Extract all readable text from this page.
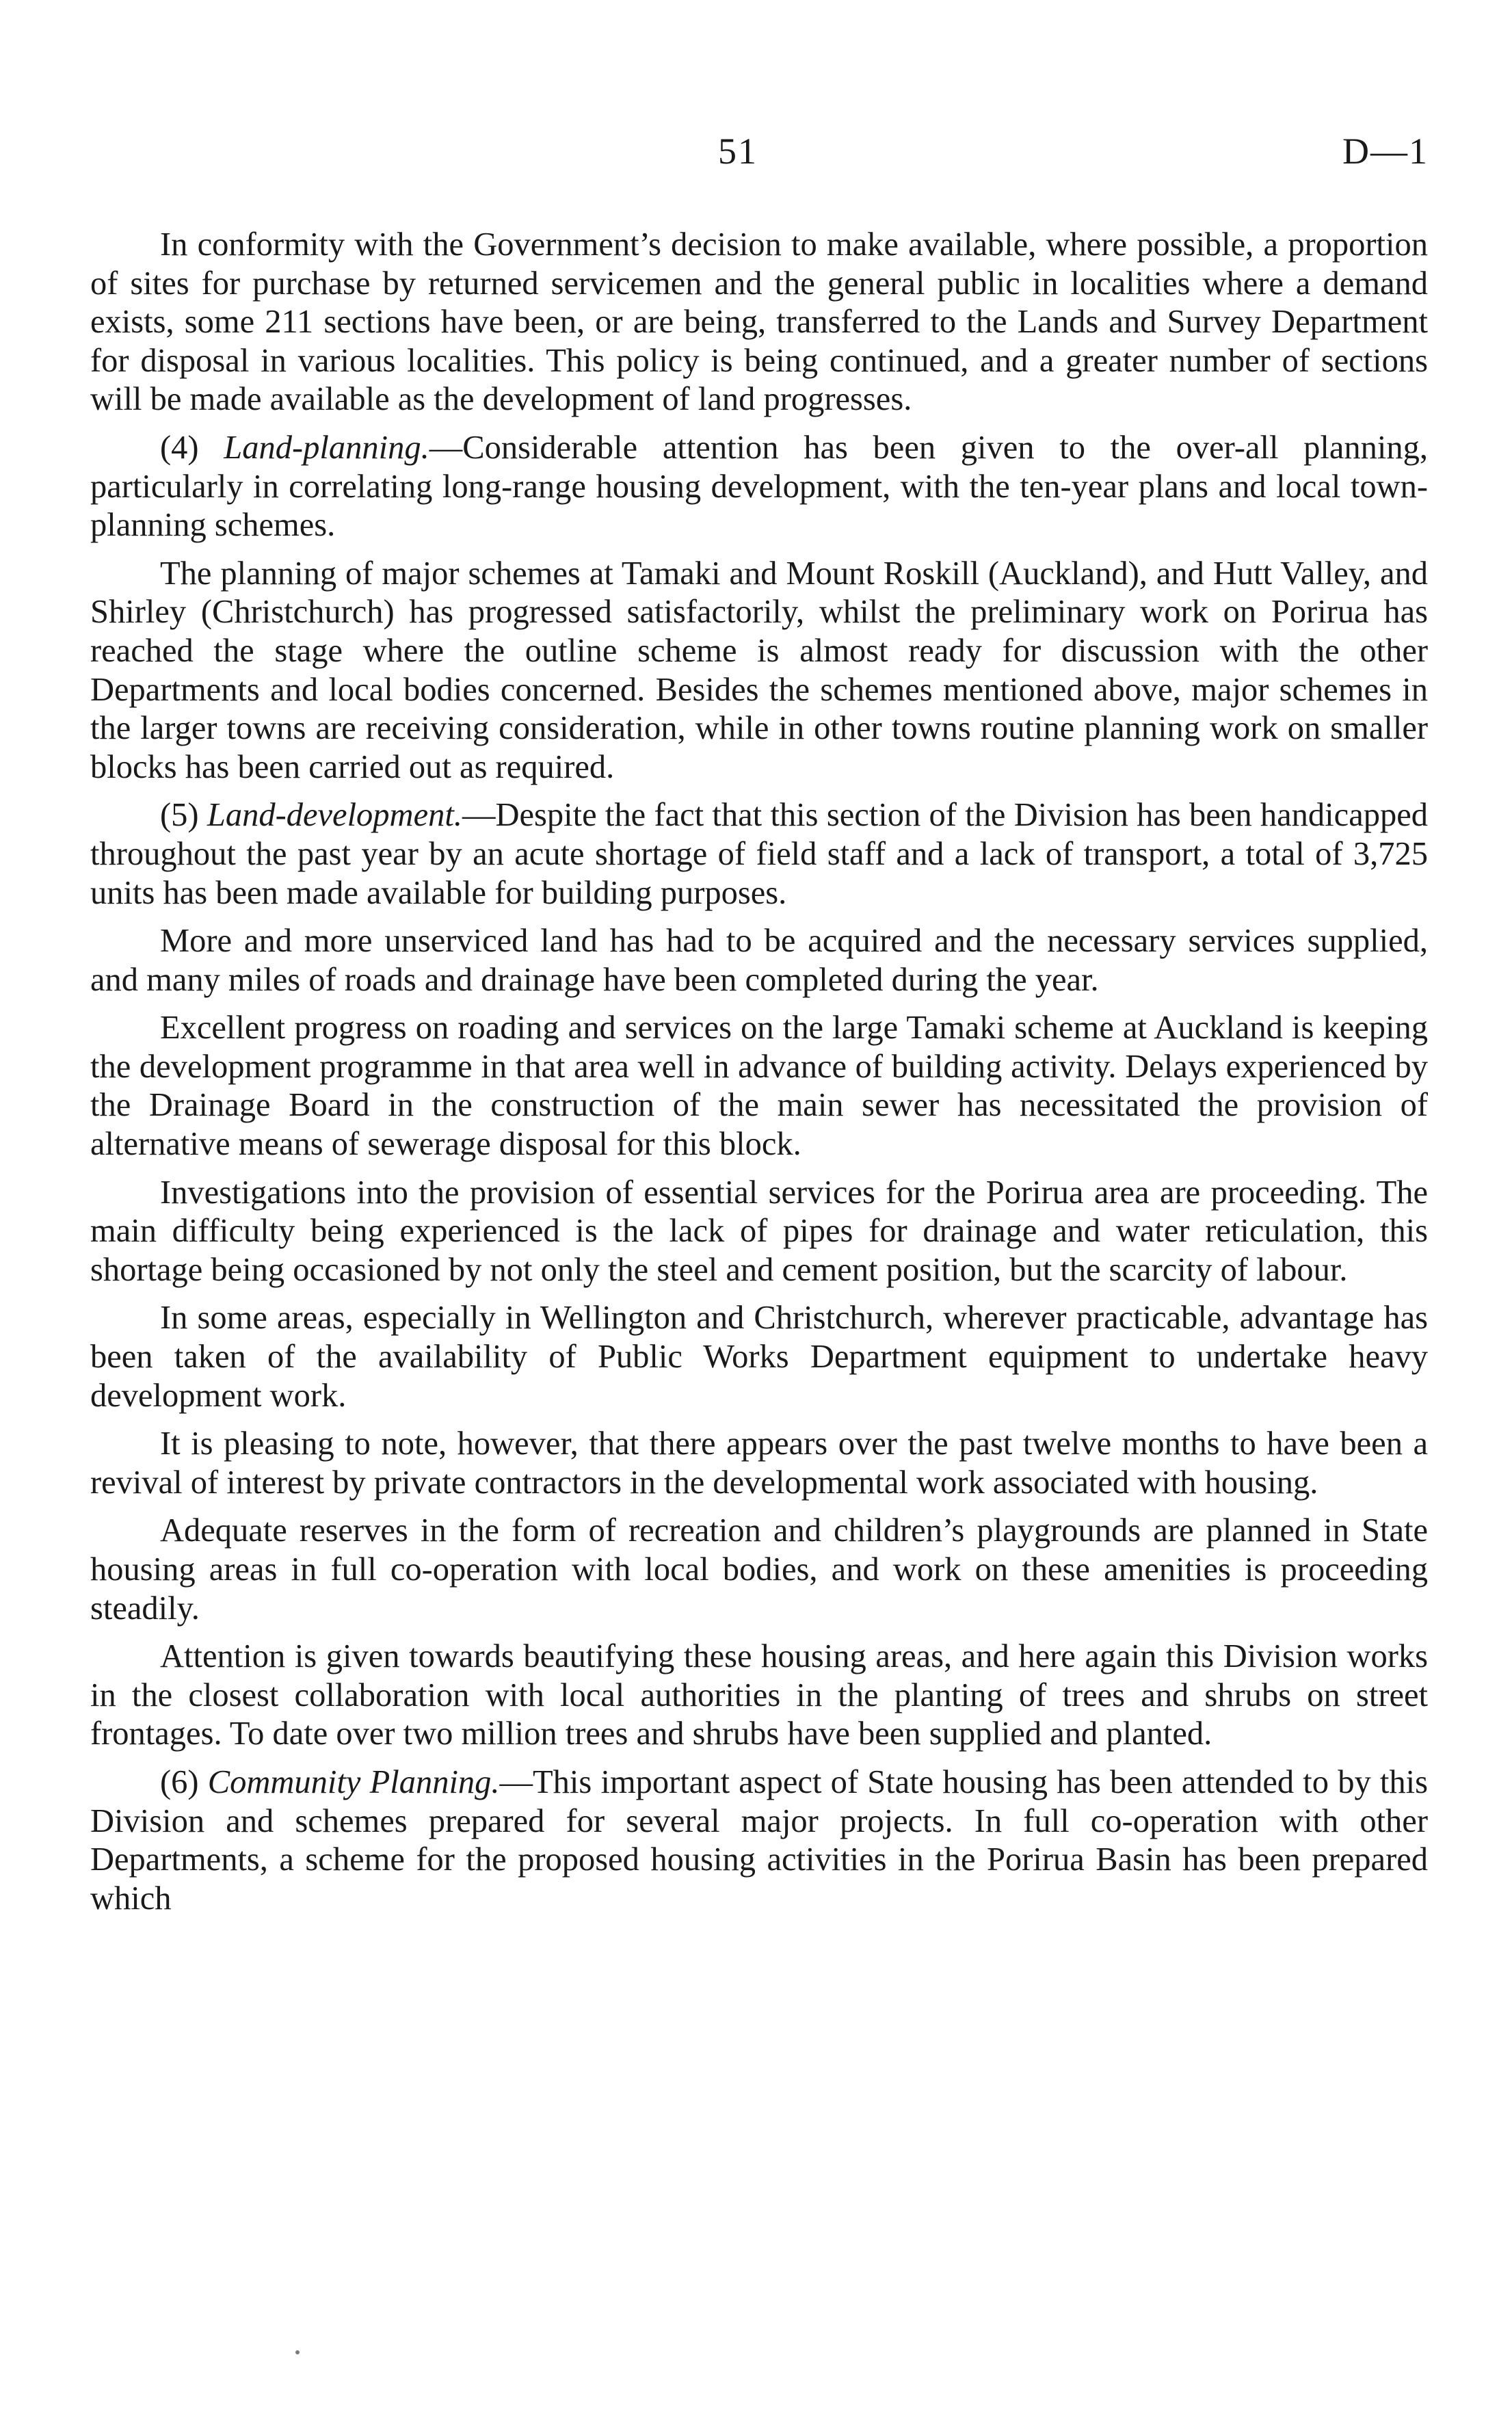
51	D—1

In conformity with the Government’s decision to make available, where possible, a proportion of sites for purchase by returned servicemen and the general public in localities where a demand exists, some 211 sections have been, or are being, transferred to the Lands and Survey Department for disposal in various localities. This policy is being continued, and a greater number of sections will be made available as the development of land progresses.

(4) Land-planning.—Considerable attention has been given to the over-all planning, particularly in correlating long-range housing development, with the ten-year plans and local town-planning schemes.

The planning of major schemes at Tamaki and Mount Roskill (Auckland), and Hutt Valley, and Shirley (Christchurch) has progressed satisfactorily, whilst the preliminary work on Porirua has reached the stage where the outline scheme is almost ready for discussion with the other Departments and local bodies concerned. Besides the schemes mentioned above, major schemes in the larger towns are receiving consideration, while in other towns routine planning work on smaller blocks has been carried out as required.

(5) Land-development.—Despite the fact that this section of the Division has been handicapped throughout the past year by an acute shortage of field staff and a lack of transport, a total of 3,725 units has been made available for building purposes.

More and more unserviced land has had to be acquired and the necessary services supplied, and many miles of roads and drainage have been completed during the year.

Excellent progress on roading and services on the large Tamaki scheme at Auckland is keeping the development programme in that area well in advance of building activity. Delays experienced by the Drainage Board in the construction of the main sewer has necessitated the provision of alternative means of sewerage disposal for this block.

Investigations into the provision of essential services for the Porirua area are proceeding. The main difficulty being experienced is the lack of pipes for drainage and water reticulation, this shortage being occasioned by not only the steel and cement position, but the scarcity of labour.

In some areas, especially in Wellington and Christchurch, wherever practicable, advantage has been taken of the availability of Public Works Department equipment to undertake heavy development work.

It is pleasing to note, however, that there appears over the past twelve months to have been a revival of interest by private contractors in the developmental work associated with housing.

Adequate reserves in the form of recreation and children’s playgrounds are planned in State housing areas in full co-operation with local bodies, and work on these amenities is proceeding steadily.

Attention is given towards beautifying these housing areas, and here again this Division works in the closest collaboration with local authorities in the planting of trees and shrubs on street frontages. To date over two million trees and shrubs have been supplied and planted.

(6) Community Planning.—This important aspect of State housing has been attended to by this Division and schemes prepared for several major projects. In full co-operation with other Departments, a scheme for the proposed housing activities in the Porirua Basin has been prepared which
